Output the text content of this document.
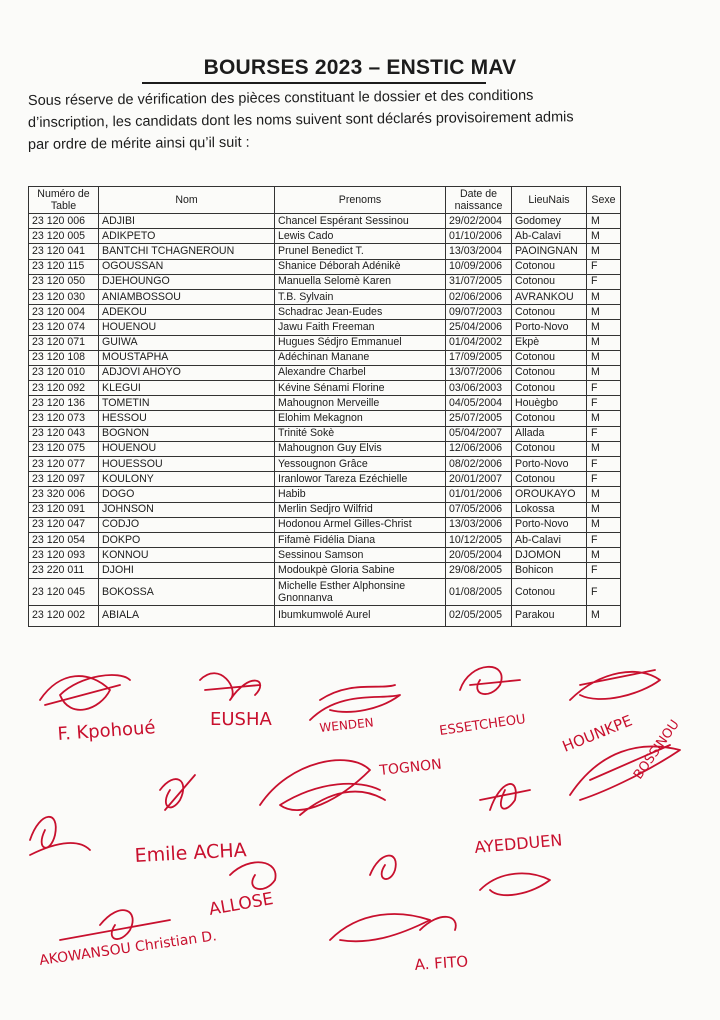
BOURSES 2023 – ENSTIC MAV
Sous réserve de vérification des pièces constituant le dossier et des conditions
d’inscription, les candidats dont les noms suivent sont déclarés provisoirement admis
par ordre de mérite ainsi qu’il suit :
Numéro de Table	Nom	Prenoms	Date de naissance	LieuNais	Sexe
23 120 006	ADJIBI	Chancel Espérant Sessinou	29/02/2004	Godomey	M
23 120 005	ADIKPETO	Lewis Cado	01/10/2006	Ab-Calavi	M
23 120 041	BANTCHI TCHAGNEROUN	Prunel Benedict T.	13/03/2004	PAOINGNAN	M
23 120 115	OGOUSSAN	Shanice Déborah Adénikè	10/09/2006	Cotonou	F
23 120 050	DJEHOUNGO	Manuella Selomè Karen	31/07/2005	Cotonou	F
23 120 030	ANIAMBOSSOU	T.B. Sylvain	02/06/2006	AVRANKOU	M
23 120 004	ADEKOU	Schadrac Jean-Eudes	09/07/2003	Cotonou	M
23 120 074	HOUENOU	Jawu Faith Freeman	25/04/2006	Porto-Novo	M
23 120 071	GUIWA	Hugues Sédjro Emmanuel	01/04/2002	Ekpè	M
23 120 108	MOUSTAPHA	Adéchinan Manane	17/09/2005	Cotonou	M
23 120 010	ADJOVI AHOYO	Alexandre Charbel	13/07/2006	Cotonou	M
23 120 092	KLEGUI	Kévine Sénami Florine	03/06/2003	Cotonou	F
23 120 136	TOMETIN	Mahougnon Merveille	04/05/2004	Houègbo	F
23 120 073	HESSOU	Elohim Mekagnon	25/07/2005	Cotonou	M
23 120 043	BOGNON	Trinité Sokè	05/04/2007	Allada	F
23 120 075	HOUENOU	Mahougnon Guy Elvis	12/06/2006	Cotonou	M
23 120 077	HOUESSOU	Yessougnon Grâce	08/02/2006	Porto-Novo	F
23 120 097	KOULONY	Iranlowor Tareza Ezéchielle	20/01/2007	Cotonou	F
23 320 006	DOGO	Habib	01/01/2006	OROUKAYO	M
23 120 091	JOHNSON	Merlin Sedjro Wilfrid	07/05/2006	Lokossa	M
23 120 047	CODJO	Hodonou Armel Gilles-Christ	13/03/2006	Porto-Novo	M
23 120 054	DOKPO	Fifamè Fidélia Diana	10/12/2005	Ab-Calavi	F
23 120 093	KONNOU	Sessinou Samson	20/05/2004	DJOMON	M
23 220 011	DJOHI	Modoukpè Gloria Sabine	29/08/2005	Bohicon	F
23 120 045	BOKOSSA	Michelle Esther Alphonsine Gnonnanva	01/08/2005	Cotonou	F
23 120 002	ABIALA	Ibumkumwolé Aurel	02/05/2005	Parakou	M
F. Kpohoué	EUSHA	WENDEN	ESSETCHEOU HOUNKPE
TOGNON	BOSSINOU
Emile ACHA	AYEDDUEN
ALLOSE
AKOWANSOU Christian D.	A. FITO
